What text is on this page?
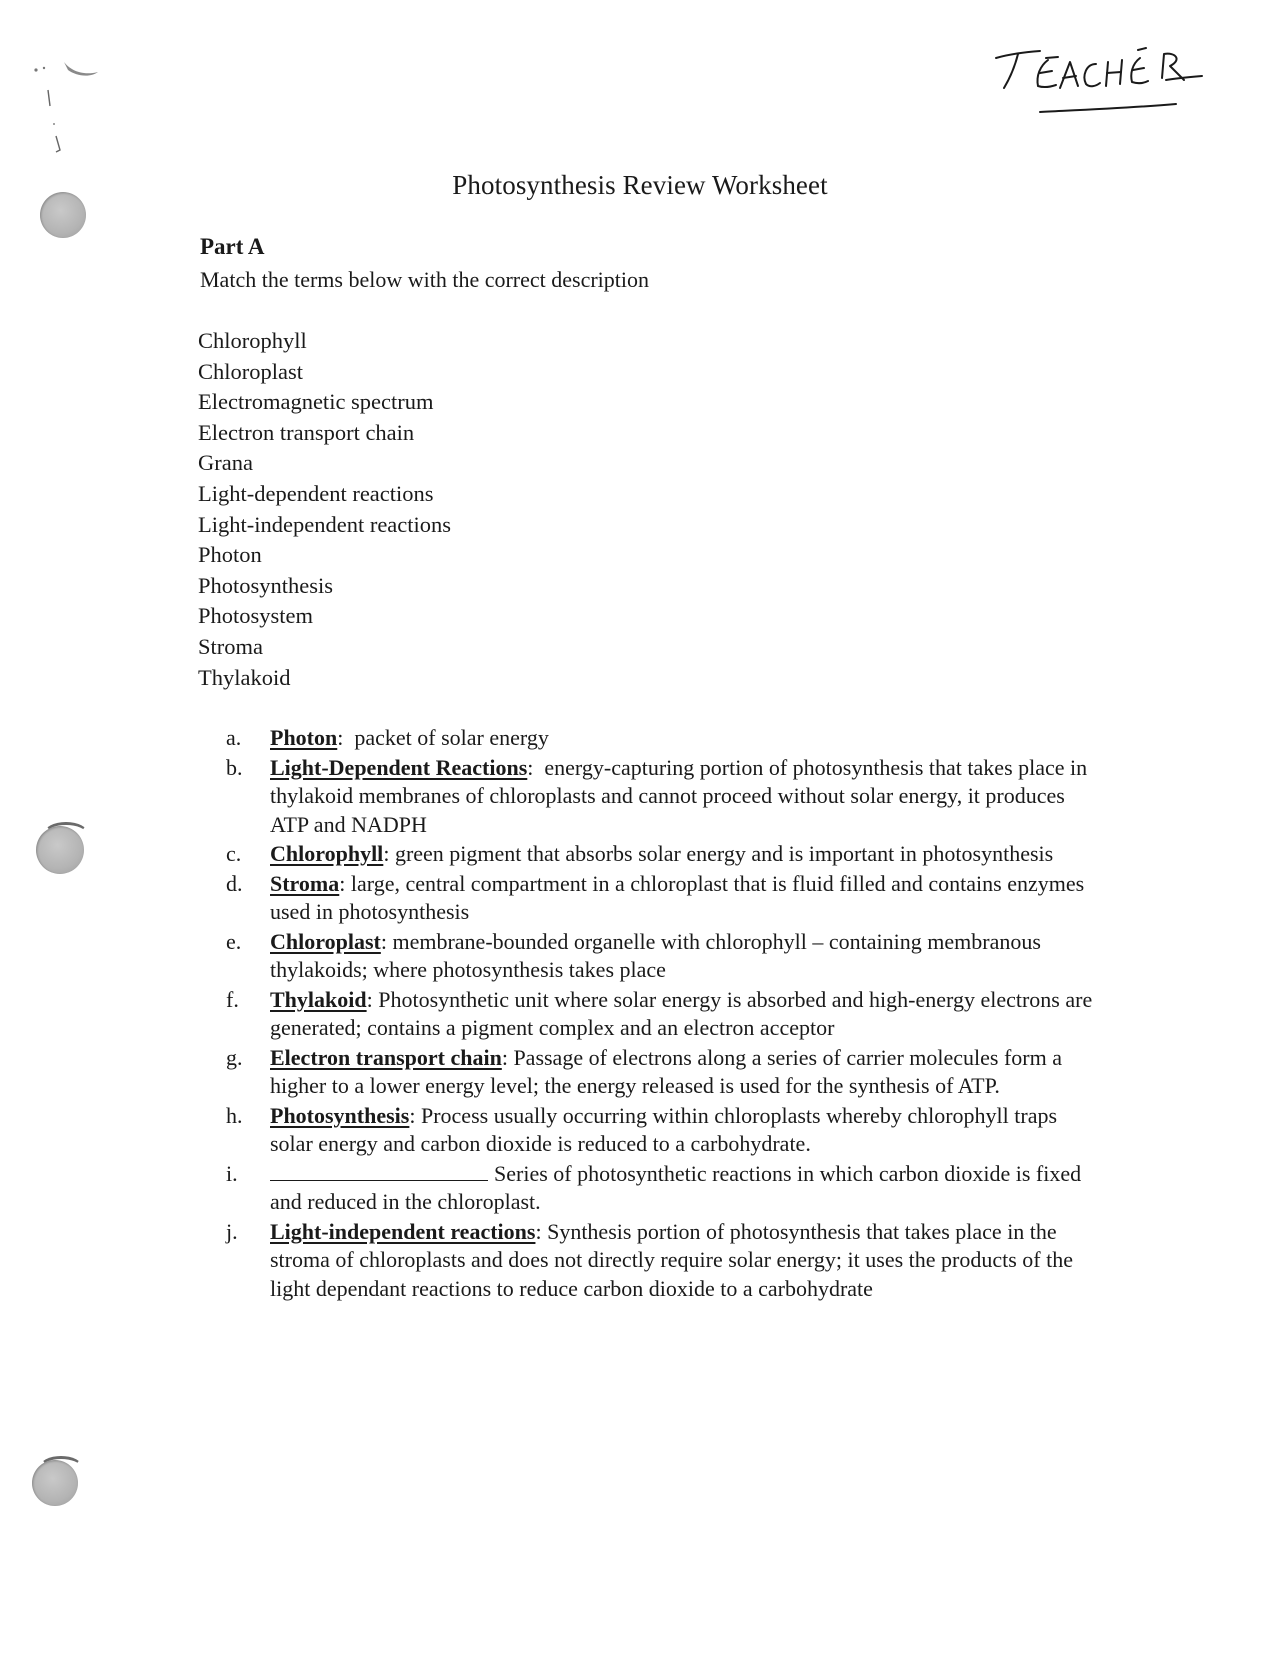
Photosynthesis Review Worksheet
Part A
Match the terms below with the correct description
Chlorophyll
Chloroplast
Electromagnetic spectrum
Electron transport chain
Grana
Light-dependent reactions
Light-independent reactions
Photon
Photosynthesis
Photosystem
Stroma
Thylakoid
a.	Photon:  packet of solar energy
b.	Light-Dependent Reactions:  energy-capturing portion of photosynthesis that takes place in thylakoid membranes of chloroplasts and cannot proceed without solar energy, it produces ATP and NADPH
c.	Chlorophyll: green pigment that absorbs solar energy and is important in photosynthesis
d.	Stroma: large, central compartment in a chloroplast that is fluid filled and contains enzymes used in photosynthesis
e.	Chloroplast: membrane-bounded organelle with chlorophyll – containing membranous thylakoids; where photosynthesis takes place
f.	Thylakoid: Photosynthetic unit where solar energy is absorbed and high-energy electrons are generated; contains a pigment complex and an electron acceptor
g.	Electron transport chain: Passage of electrons along a series of carrier molecules form a higher to a lower energy level; the energy released is used for the synthesis of ATP.
h.	Photosynthesis: Process usually occurring within chloroplasts whereby chlorophyll traps solar energy and carbon dioxide is reduced to a carbohydrate.
i.	Series of photosynthetic reactions in which carbon dioxide is fixed and reduced in the chloroplast.
j.	Light-independent reactions: Synthesis portion of photosynthesis that takes place in the stroma of chloroplasts and does not directly require solar energy; it uses the products of the light dependant reactions to reduce carbon dioxide to a carbohydrate
